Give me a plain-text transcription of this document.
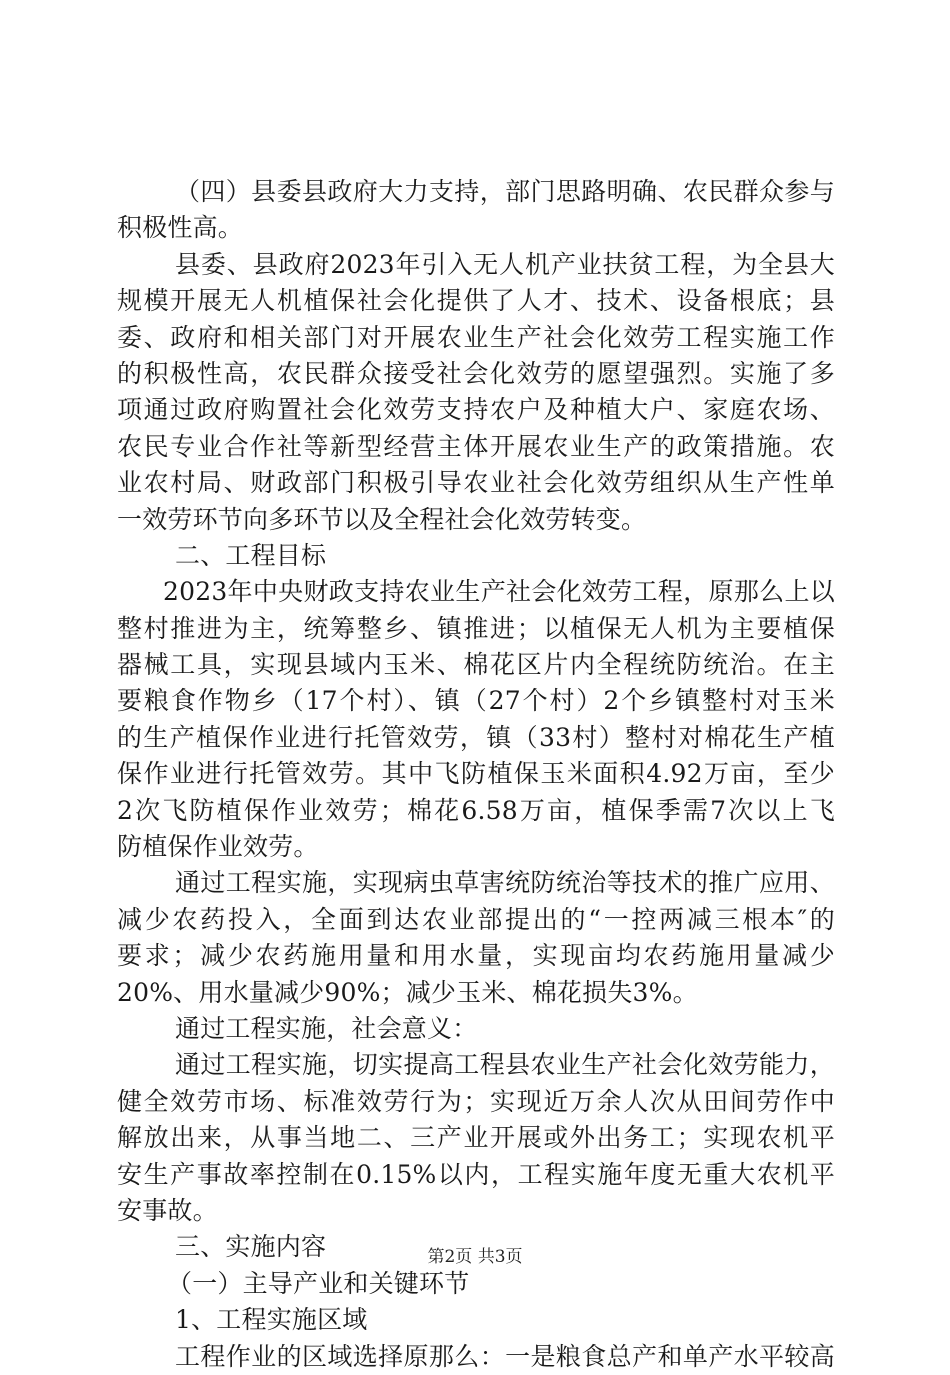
（四）县委县政府大力支持，部门思路明确、农民群众参与
积极性高。
县委、县政府2023年引入无人机产业扶贫工程，为全县大
规模开展无人机植保社会化提供了人才、技术、设备根底；县
委、政府和相关部门对开展农业生产社会化效劳工程实施工作
的积极性高，农民群众接受社会化效劳的愿望强烈。实施了多
项通过政府购置社会化效劳支持农户及种植大户、家庭农场、
农民专业合作社等新型经营主体开展农业生产的政策措施。农
业农村局、财政部门积极引导农业社会化效劳组织从生产性单
一效劳环节向多环节以及全程社会化效劳转变。
二、工程目标
2023年中央财政支持农业生产社会化效劳工程，原那么上以
整村推进为主，统筹整乡、镇推进；以植保无人机为主要植保
器械工具，实现县域内玉米、棉花区片内全程统防统治。在主
要粮食作物乡（17个村）、镇（27个村）2个乡镇整村对玉米
的生产植保作业进行托管效劳，镇（33村）整村对棉花生产植
保作业进行托管效劳。其中飞防植保玉米面积4.92万亩，至少
2次飞防植保作业效劳；棉花6.58万亩，植保季需7次以上飞
防植保作业效劳。
通过工程实施，实现病虫草害统防统治等技术的推广应用、
减少农药投入，全面到达农业部提出的“一控两减三根本″的
要求；减少农药施用量和用水量，实现亩均农药施用量减少
20%、用水量减少90%；减少玉米、棉花损失3%。
通过工程实施，社会意义：
通过工程实施，切实提高工程县农业生产社会化效劳能力，
健全效劳市场、标准效劳行为；实现近万余人次从田间劳作中
解放出来，从事当地二、三产业开展或外出务工；实现农机平
安生产事故率控制在0.15%以内，工程实施年度无重大农机平
安事故。
三、实施内容
（一）主导产业和关键环节
1、工程实施区域
工程作业的区域选择原那么：一是粮食总产和单产水平较高
第2页 共3页
